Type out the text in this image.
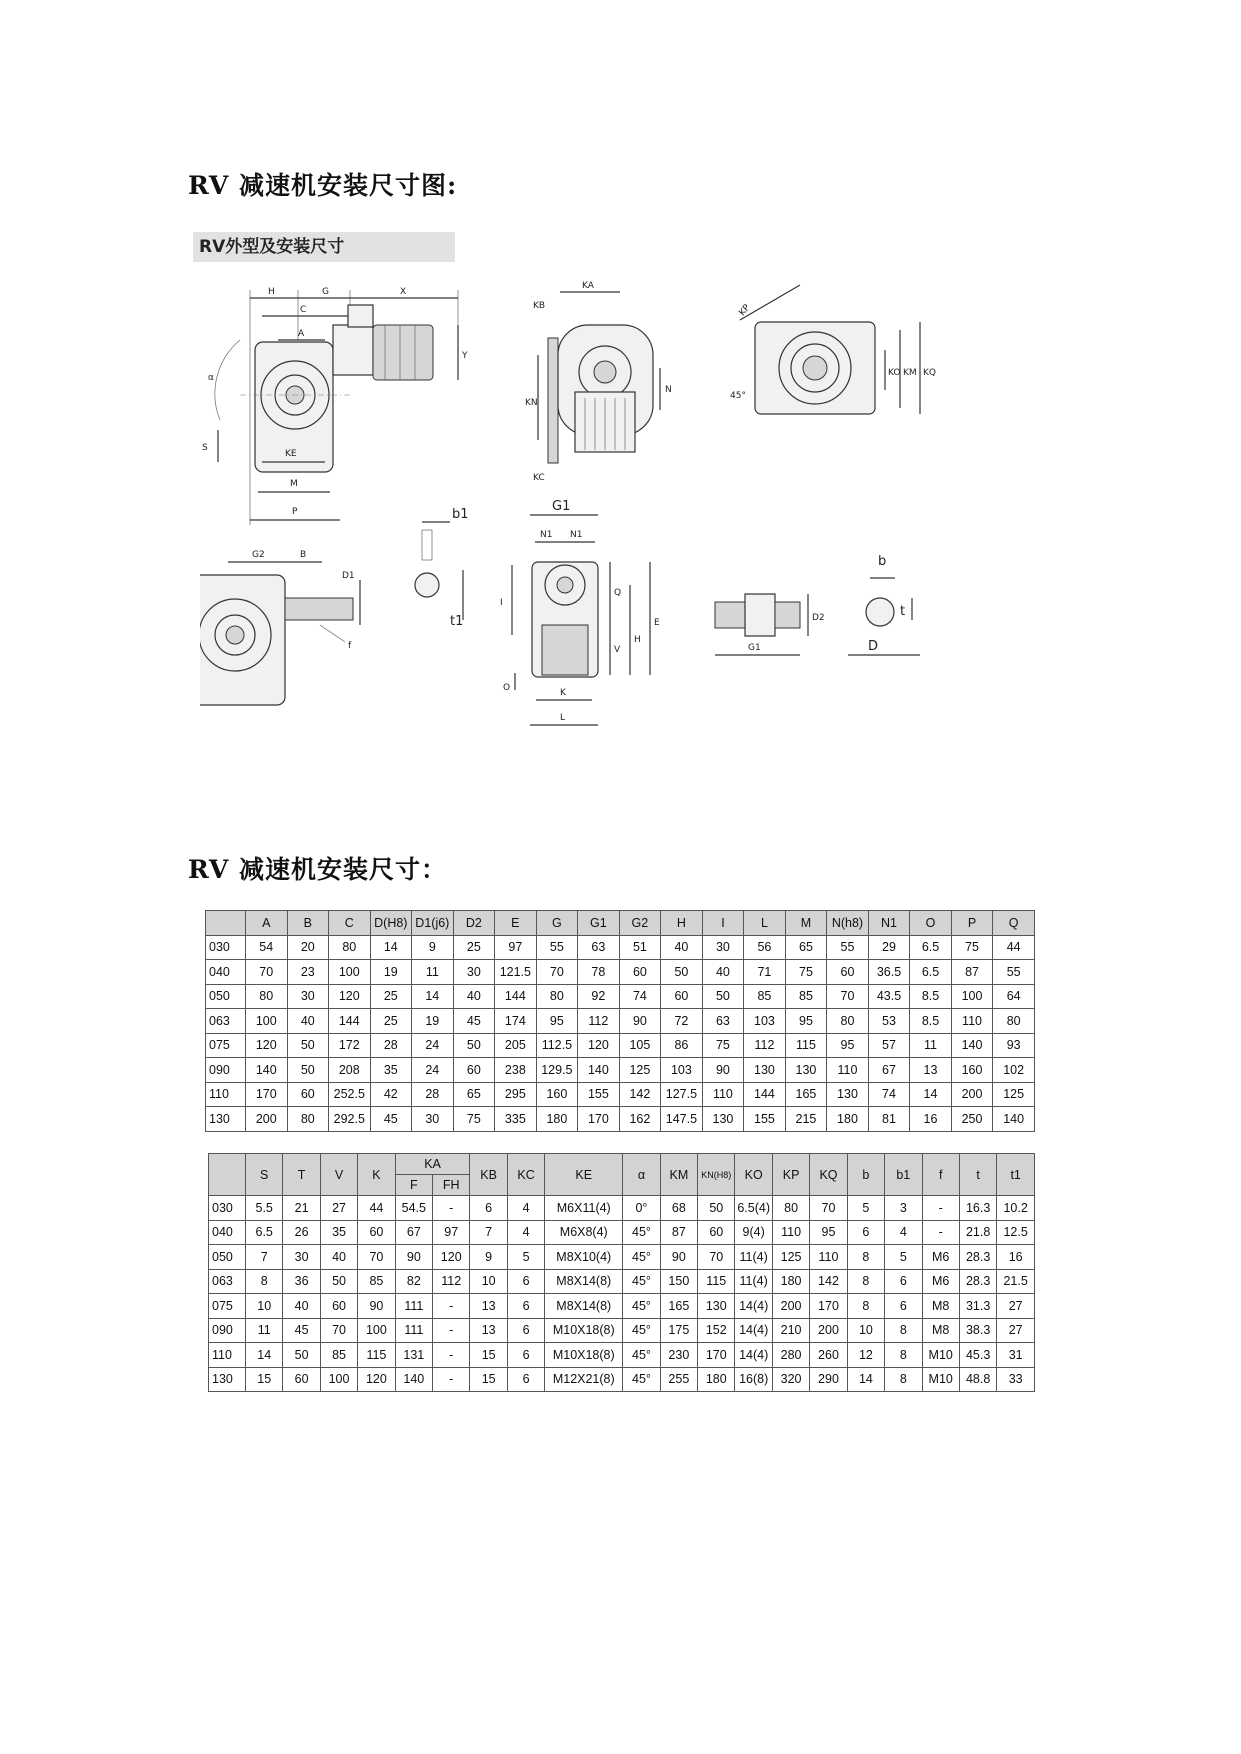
RV 减速机安装尺寸图:
RV外型及安装尺寸
H	G	X
C
A
Y
α
S
KE
M
P
KA
KB
KN
N
KC
KP
KO KM KQ
45°
G2	B
D1
f
b1
t1
G1
N1 N1
I
Q
V
H
E
O	K
L
D2
G1
b
t
D
RV 减速机安装尺寸：
	A	B	C	D(H8)	D1(j6)	D2	E	G	G1	G2	H	I	L	M	N(h8)	N1	O	P	Q
030	54	20	80	14	9	25	97	55	63	51	40	30	56	65	55	29	6.5	75	44
040	70	23	100	19	11	30	121.5	70	78	60	50	40	71	75	60	36.5	6.5	87	55
050	80	30	120	25	14	40	144	80	92	74	60	50	85	85	70	43.5	8.5	100	64
063	100	40	144	25	19	45	174	95	112	90	72	63	103	95	80	53	8.5	110	80
075	120	50	172	28	24	50	205	112.5	120	105	86	75	112	115	95	57	11	140	93
090	140	50	208	35	24	60	238	129.5	140	125	103	90	130	130	110	67	13	160	102
110	170	60	252.5	42	28	65	295	160	155	142	127.5	110	144	165	130	74	14	200	125
130	200	80	292.5	45	30	75	335	180	170	162	147.5	130	155	215	180	81	16	250	140
	S	T	V	K	KA		KB	KC	KE	α	KM	KN(H8)	KO	KP	KQ	b	b1	f	t	t1
					F	FH														
030	5.5	21	27	44	54.5	-	6	4	M6X11(4)	0°	68	50	6.5(4)	80	70	5	3	-	16.3	10.2
040	6.5	26	35	60	67	97	7	4	M6X8(4)	45°	87	60	9(4)	110	95	6	4	-	21.8	12.5
050	7	30	40	70	90	120	9	5	M8X10(4)	45°	90	70	11(4)	125	110	8	5	M6	28.3	16
063	8	36	50	85	82	112	10	6	M8X14(8)	45°	150	115	11(4)	180	142	8	6	M6	28.3	21.5
075	10	40	60	90	111	-	13	6	M8X14(8)	45°	165	130	14(4)	200	170	8	6	M8	31.3	27
090	11	45	70	100	111	-	13	6	M10X18(8)	45°	175	152	14(4)	210	200	10	8	M8	38.3	27
110	14	50	85	115	131	-	15	6	M10X18(8)	45°	230	170	14(4)	280	260	12	8	M10	45.3	31
130	15	60	100	120	140	-	15	6	M12X21(8)	45°	255	180	16(8)	320	290	14	8	M10	48.8	33
